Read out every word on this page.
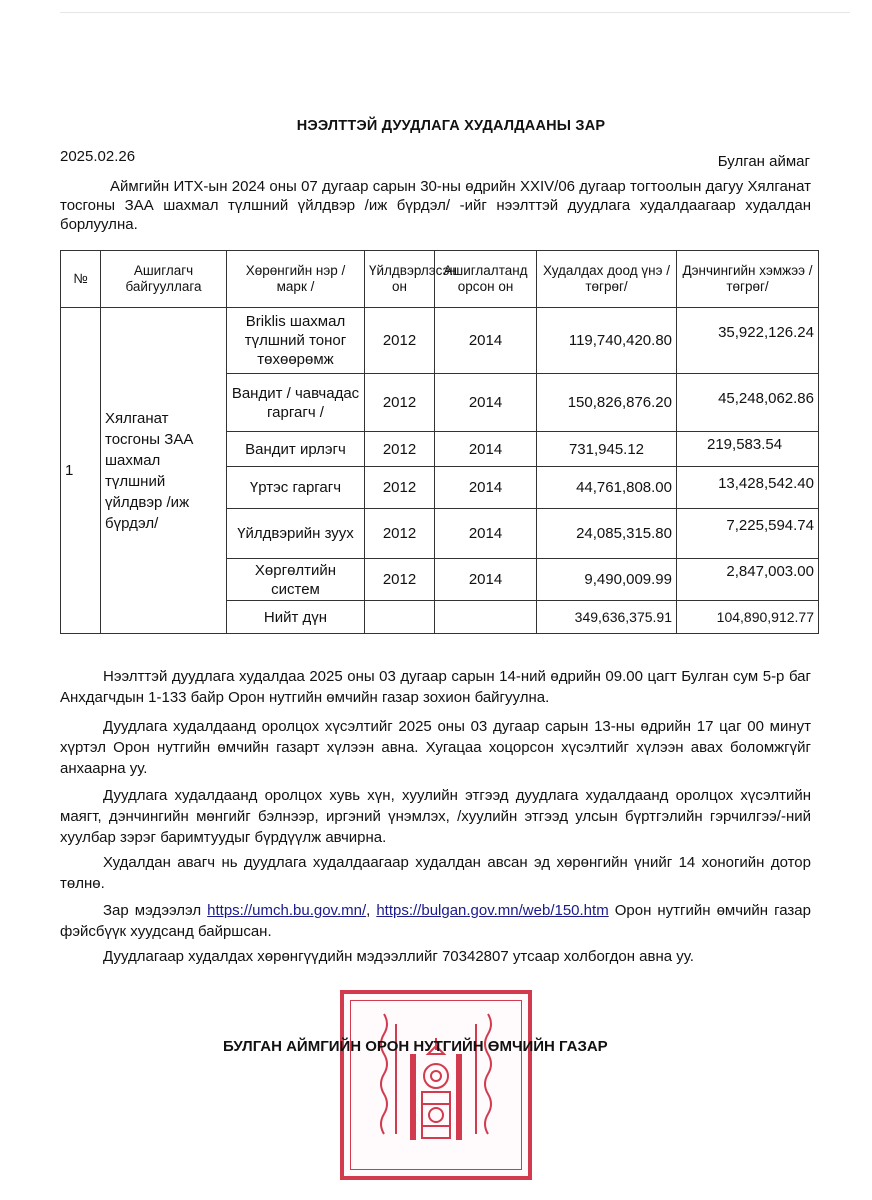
НЭЭЛТТЭЙ ДУУДЛАГА ХУДАЛДААНЫ ЗАР
2025.02.26	Булган аймаг
Аймгийн ИТХ-ын 2024 оны 07 дугаар сарын 30-ны өдрийн XXIV/06 дугаар тогтоолын дагуу Хялганат тосгоны ЗАА шахмал түлшний үйлдвэр /иж бүрдэл/ -ийг нээлттэй дуудлага худалдаагаар худалдан борлуулна.
№	Ашиглагч байгууллага	Хөрөнгийн нэр /марк /	Үйлдвэрлэсэн он	Ашиглалтанд орсон он	Худалдах доод үнэ /төгрөг/	Дэнчингийн хэмжээ /төгрөг/
1	Хялганат тосгоны ЗАА шахмал түлшний үйлдвэр /иж бүрдэл/	Briklis шахмал түлшний тоног төхөөрөмж	2012	2014	119,740,420.80	35,922,126.24
		Вандит / чавчадас гаргагч /	2012	2014	150,826,876.20	45,248,062.86
		Вандит ирлэгч	2012	2014	731,945.12	219,583.54
		Үртэс гаргагч	2012	2014	44,761,808.00	13,428,542.40
		Үйлдвэрийн зуух	2012	2014	24,085,315.80	7,225,594.74
		Хөргөлтийн систем	2012	2014	9,490,009.99	2,847,003.00
		Нийт дүн			349,636,375.91	104,890,912.77
Нээлттэй дуудлага худалдаа 2025 оны 03 дугаар сарын 14-ний өдрийн 09.00 цагт Булган сум 5-р баг Анхдагчдын 1-133 байр Орон нутгийн өмчийн газар зохион байгуулна.
Дуудлага худалдаанд оролцох хүсэлтийг 2025 оны 03 дугаар сарын 13-ны өдрийн 17 цаг 00 минут хүртэл Орон нутгийн өмчийн газарт хүлээн авна. Хугацаа хоцорсон хүсэлтийг хүлээн авах боломжгүйг анхаарна уу.
Дуудлага худалдаанд оролцох хувь хүн, хуулийн этгээд дуудлага худалдаанд оролцох хүсэлтийн маягт, дэнчингийн мөнгийг бэлнээр, иргэний үнэмлэх, /хуулийн этгээд улсын бүртгэлийн гэрчилгээ/-ний хуулбар зэрэг баримтуудыг бүрдүүлж авчирна.
Худалдан авагч нь дуудлага худалдаагаар худалдан авсан эд хөрөнгийн үнийг 14 хоногийн дотор төлнө.
Зар мэдээлэл https://umch.bu.gov.mn/, https://bulgan.gov.mn/web/150.htm Орон нутгийн өмчийн газар фэйсбүүк хуудсанд байршсан.
Дуудлагаар худалдах хөрөнгүүдийн мэдээллийг 70342807 утсаар холбогдон авна уу.
БУЛГАН АЙМГИЙН ОРОН НУТГИЙН ӨМЧИЙН ГАЗАР
